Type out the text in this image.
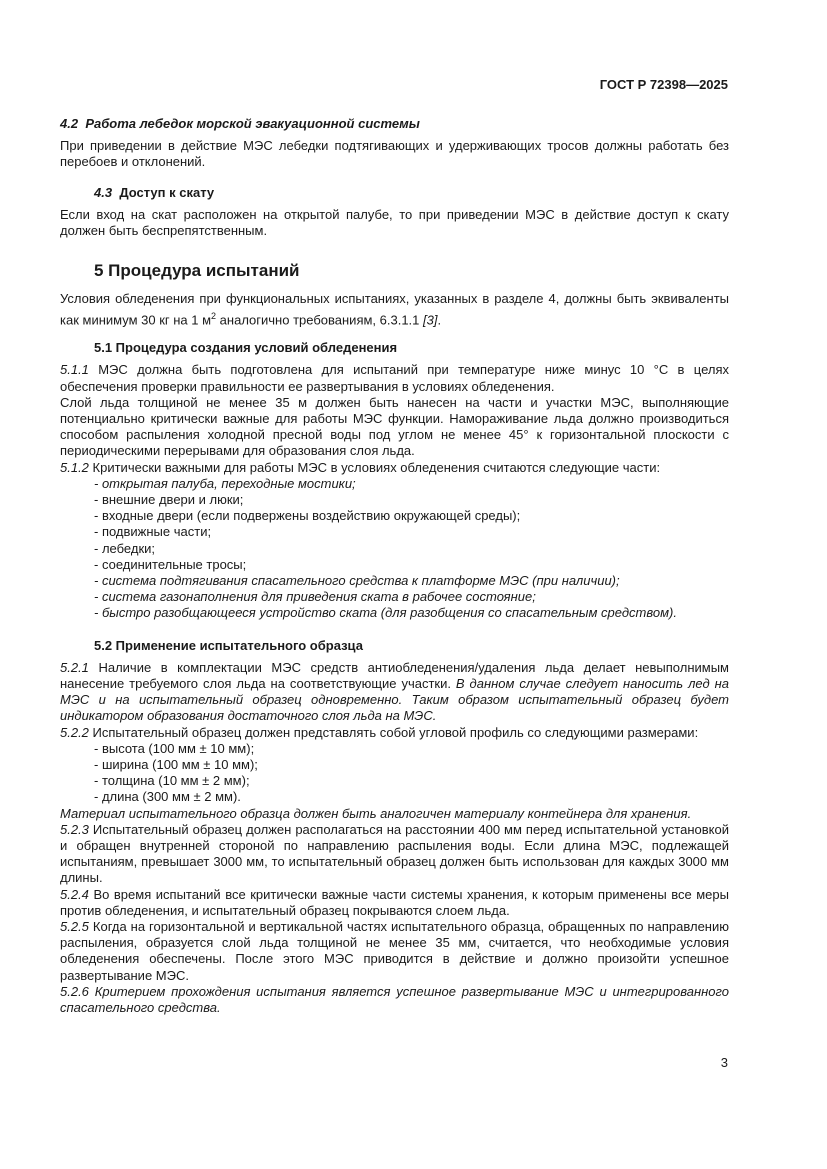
ГОСТ Р 72398—2025

4.2 Работа лебедок морской эвакуационной системы

При приведении в действие МЭС лебедки подтягивающих и удерживающих тросов должны работать без перебоев и отклонений.

4.3 Доступ к скату

Если вход на скат расположен на открытой палубе, то при приведении МЭС в действие доступ к скату должен быть беспрепятственным.

5 Процедура испытаний

Условия обледенения при функциональных испытаниях, указанных в разделе 4, должны быть эквиваленты как минимум 30 кг на 1 $м^2$ аналогично требованиям, 6.3.1.1 [3].

5.1 Процедура создания условий обледенения

5.1.1 МЭС должна быть подготовлена для испытаний при температуре ниже минус 10 °С в целях обеспечения проверки правильности ее развертывания в условиях обледенения.

Слой льда толщиной не менее 35 м должен быть нанесен на части и участки МЭС, выполняющие потенциально критически важные для работы МЭС функции. Намораживание льда должно производиться способом распыления холодной пресной воды под углом не менее 45° к горизонтальной плоскости с периодическими перерывами для образования слоя льда.

5.1.2 Критически важными для работы МЭС в условиях обледенения считаются следующие части:

- открытая палуба, переходные мостики;
- внешние двери и люки;
- входные двери (если подвержены воздействию окружающей среды);
- подвижные части;
- лебедки;
- соединительные тросы;
- система подтягивания спасательного средства к платформе МЭС (при наличии);
- система газонаполнения для приведения ската в рабочее состояние;
- быстро разобщающееся устройство ската (для разобщения со спасательным средством).

5.2 Применение испытательного образца

5.2.1 Наличие в комплектации МЭС средств антиобледенения/удаления льда делает невыполнимым нанесение требуемого слоя льда на соответствующие участки. В данном случае следует наносить лед на МЭС и на испытательный образец одновременно. Таким образом испытательный образец будет индикатором образования достаточного слоя льда на МЭС.

5.2.2 Испытательный образец должен представлять собой угловой профиль со следующими размерами:

- высота (100 мм ± 10 мм);
- ширина (100 мм ± 10 мм);
- толщина (10 мм ± 2 мм);
- длина (300 мм ± 2 мм).

Материал испытательного образца должен быть аналогичен материалу контейнера для хранения.

5.2.3 Испытательный образец должен располагаться на расстоянии 400 мм перед испытательной установкой и обращен внутренней стороной по направлению распыления воды. Если длина МЭС, подлежащей испытаниям, превышает 3000 мм, то испытательный образец должен быть использован для каждых 3000 мм длины.

5.2.4 Во время испытаний все критически важные части системы хранения, к которым применены все меры против обледенения, и испытательный образец покрываются слоем льда.

5.2.5 Когда на горизонтальной и вертикальной частях испытательного образца, обращенных по направлению распыления, образуется слой льда толщиной не менее 35 мм, считается, что необходимые условия обледенения обеспечены. После этого МЭС приводится в действие и должно произойти успешное развертывание МЭС.

5.2.6 Критерием прохождения испытания является успешное развертывание МЭС и интегрированного спасательного средства.

3
